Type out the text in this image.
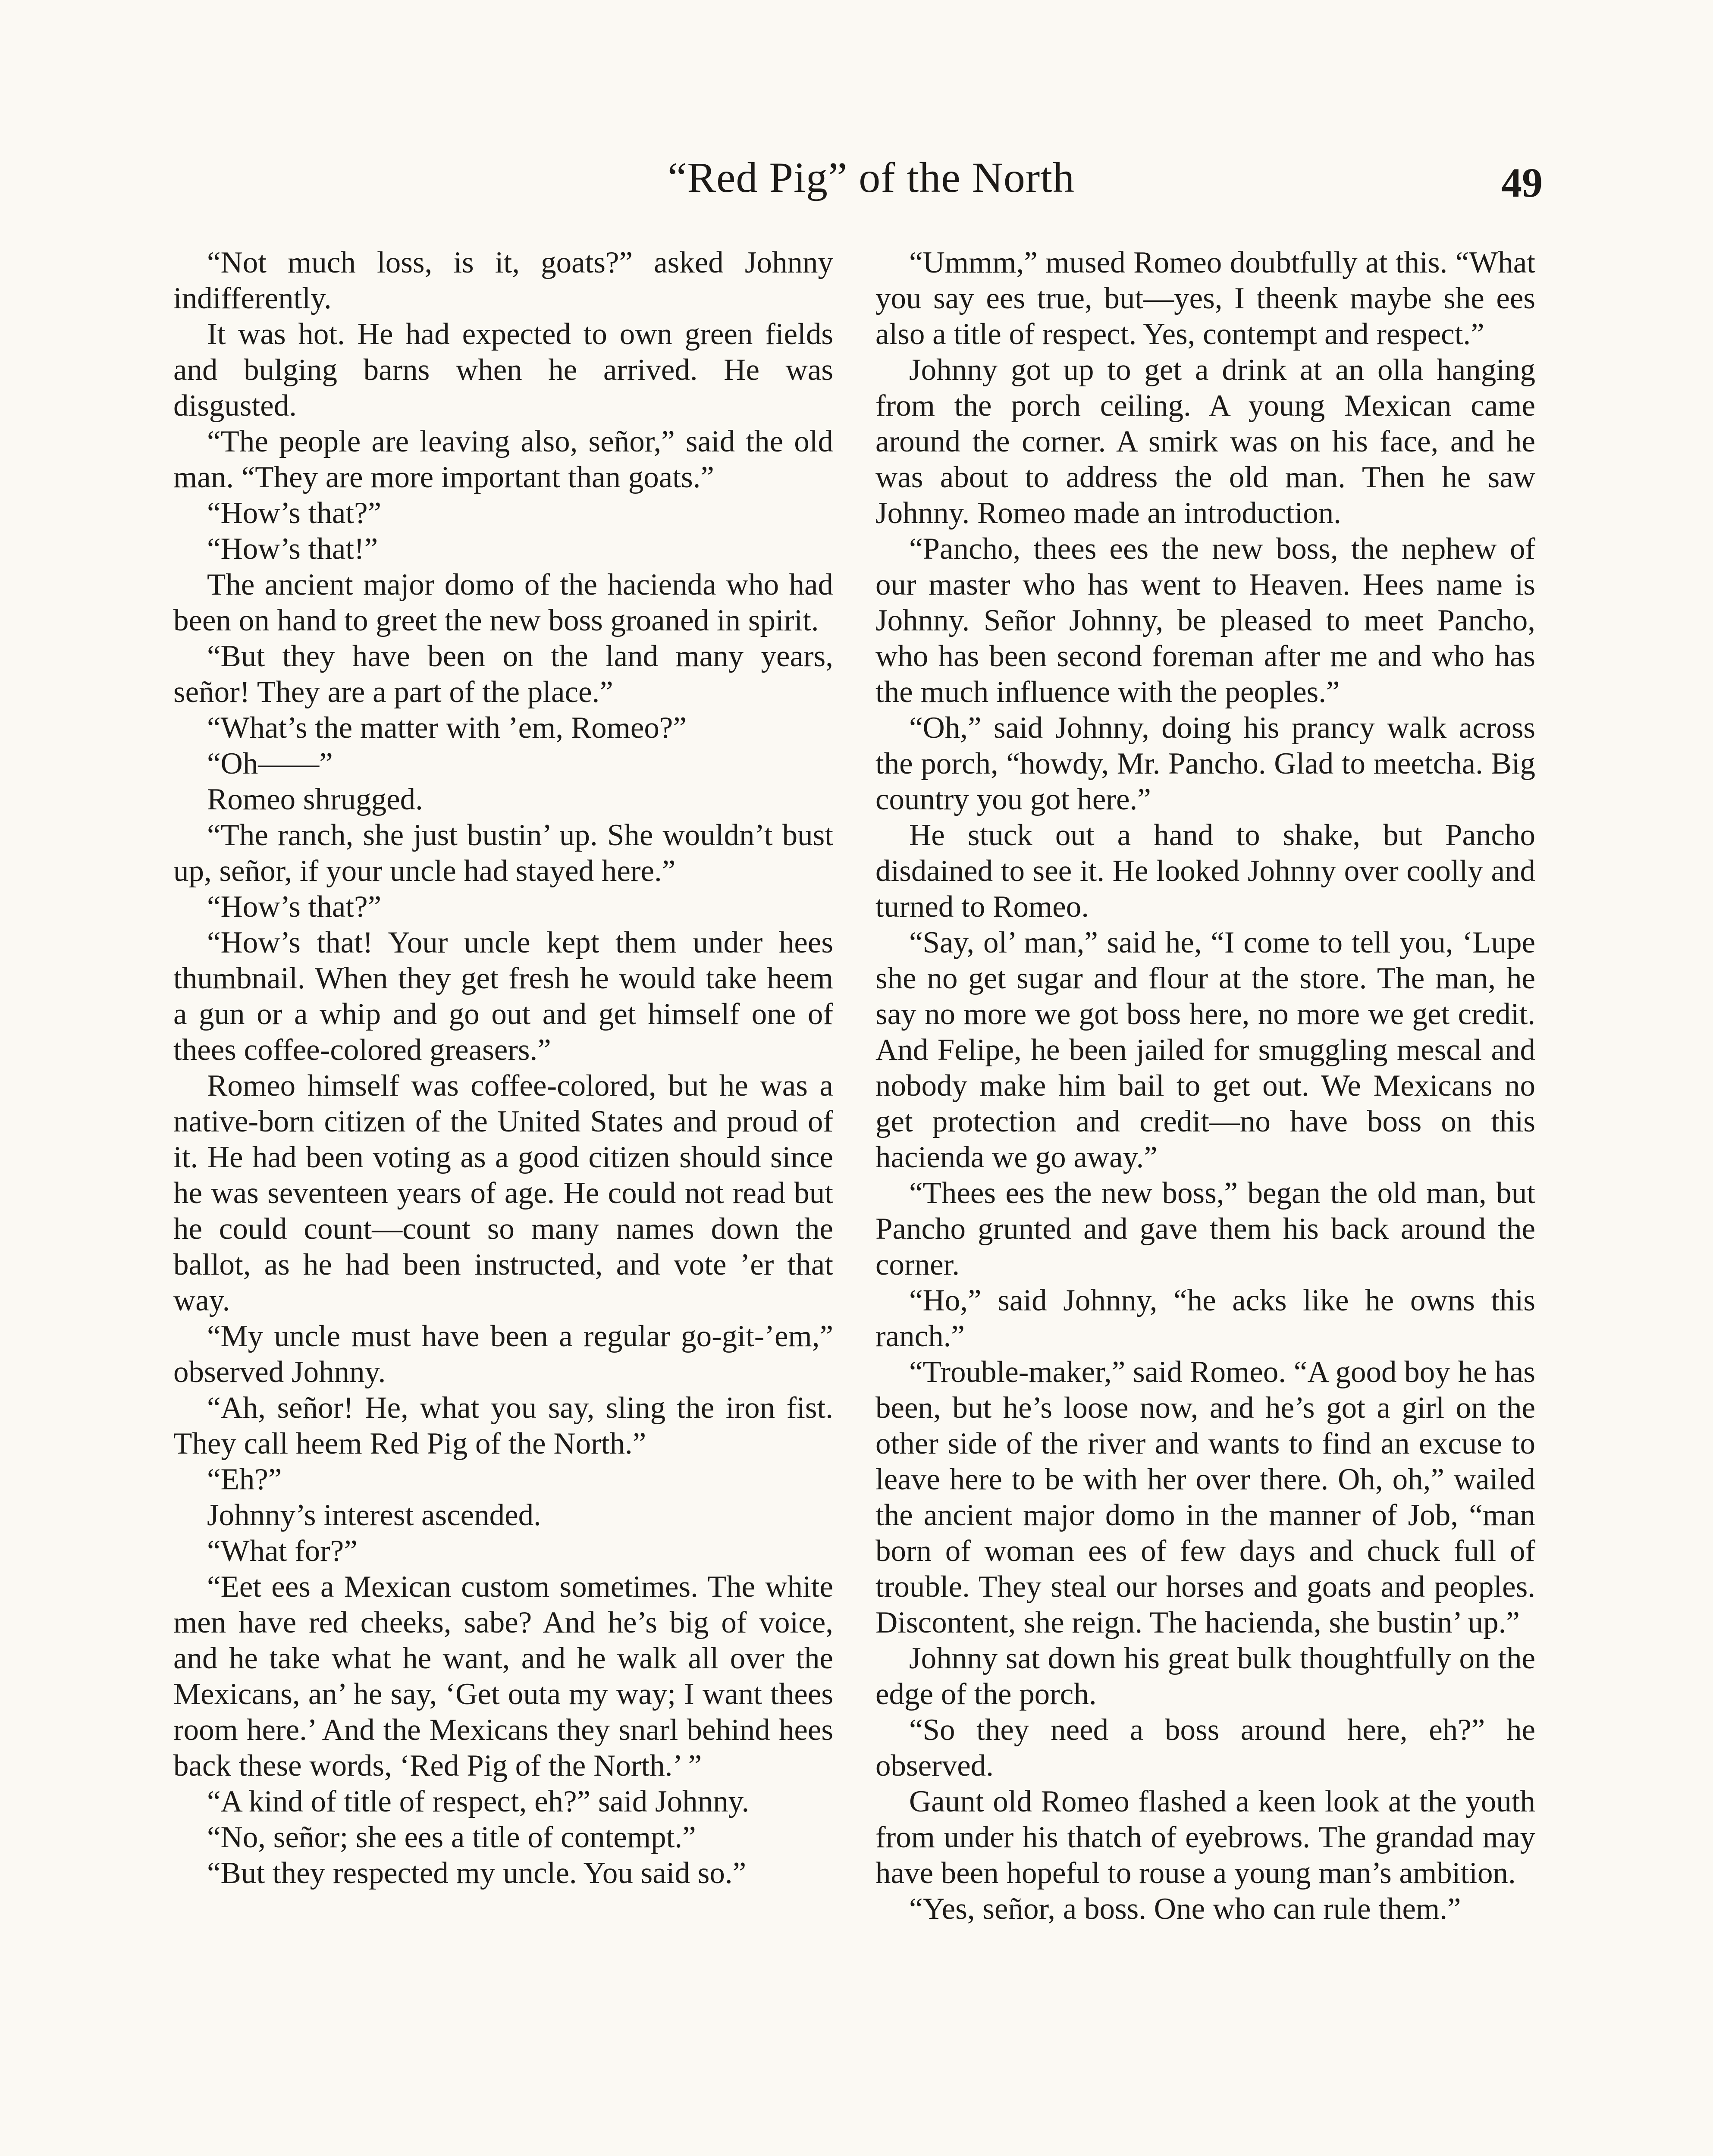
“Red Pig” of the North	49

“Not much loss, is it, goats?” asked Johnny indifferently.

It was hot. He had expected to own green fields and bulging barns when he arrived. He was disgusted.

“The people are leaving also, señor,” said the old man. “They are more important than goats.”

“How’s that?”

“How’s that!”

The ancient major domo of the hacienda who had been on hand to greet the new boss groaned in spirit.

“But they have been on the land many years, señor! They are a part of the place.”

“What’s the matter with ’em, Romeo?”

“Oh——”

Romeo shrugged.

“The ranch, she just bustin’ up. She wouldn’t bust up, señor, if your uncle had stayed here.”

“How’s that?”

“How’s that! Your uncle kept them under hees thumbnail. When they get fresh he would take heem a gun or a whip and go out and get himself one of thees coffee-colored greasers.”

Romeo himself was coffee-colored, but he was a native-born citizen of the United States and proud of it. He had been voting as a good citizen should since he was seventeen years of age. He could not read but he could count—count so many names down the ballot, as he had been instructed, and vote ’er that way.

“My uncle must have been a regular go-git-’em,” observed Johnny.

“Ah, señor! He, what you say, sling the iron fist. They call heem Red Pig of the North.”

“Eh?”

Johnny’s interest ascended.

“What for?”

“Eet ees a Mexican custom sometimes. The white men have red cheeks, sabe? And he’s big of voice, and he take what he want, and he walk all over the Mexicans, an’ he say, ‘Get outa my way; I want thees room here.’ And the Mexicans they snarl behind hees back these words, ‘Red Pig of the North.’ ”

“A kind of title of respect, eh?” said Johnny.

“No, señor; she ees a title of contempt.”

“But they respected my uncle. You said so.”

“Ummm,” mused Romeo doubtfully at this. “What you say ees true, but—yes, I theenk maybe she ees also a title of respect. Yes, contempt and respect.”

Johnny got up to get a drink at an olla hanging from the porch ceiling. A young Mexican came around the corner. A smirk was on his face, and he was about to address the old man. Then he saw Johnny. Romeo made an introduction.

“Pancho, thees ees the new boss, the nephew of our master who has went to Heaven. Hees name is Johnny. Señor Johnny, be pleased to meet Pancho, who has been second foreman after me and who has the much influence with the peoples.”

“Oh,” said Johnny, doing his prancy walk across the porch, “howdy, Mr. Pancho. Glad to meetcha. Big country you got here.”

He stuck out a hand to shake, but Pancho disdained to see it. He looked Johnny over coolly and turned to Romeo.

“Say, ol’ man,” said he, “I come to tell you, ‘Lupe she no get sugar and flour at the store. The man, he say no more we got boss here, no more we get credit. And Felipe, he been jailed for smuggling mescal and nobody make him bail to get out. We Mexicans no get protection and credit—no have boss on this hacienda we go away.”

“Thees ees the new boss,” began the old man, but Pancho grunted and gave them his back around the corner.

“Ho,” said Johnny, “he acks like he owns this ranch.”

“Trouble-maker,” said Romeo. “A good boy he has been, but he’s loose now, and he’s got a girl on the other side of the river and wants to find an excuse to leave here to be with her over there. Oh, oh,” wailed the ancient major domo in the manner of Job, “man born of woman ees of few days and chuck full of trouble. They steal our horses and goats and peoples. Discontent, she reign. The hacienda, she bustin’ up.”

Johnny sat down his great bulk thoughtfully on the edge of the porch.

“So they need a boss around here, eh?” he observed.

Gaunt old Romeo flashed a keen look at the youth from under his thatch of eyebrows. The grandad may have been hopeful to rouse a young man’s ambition.

“Yes, señor, a boss. One who can rule them.”
